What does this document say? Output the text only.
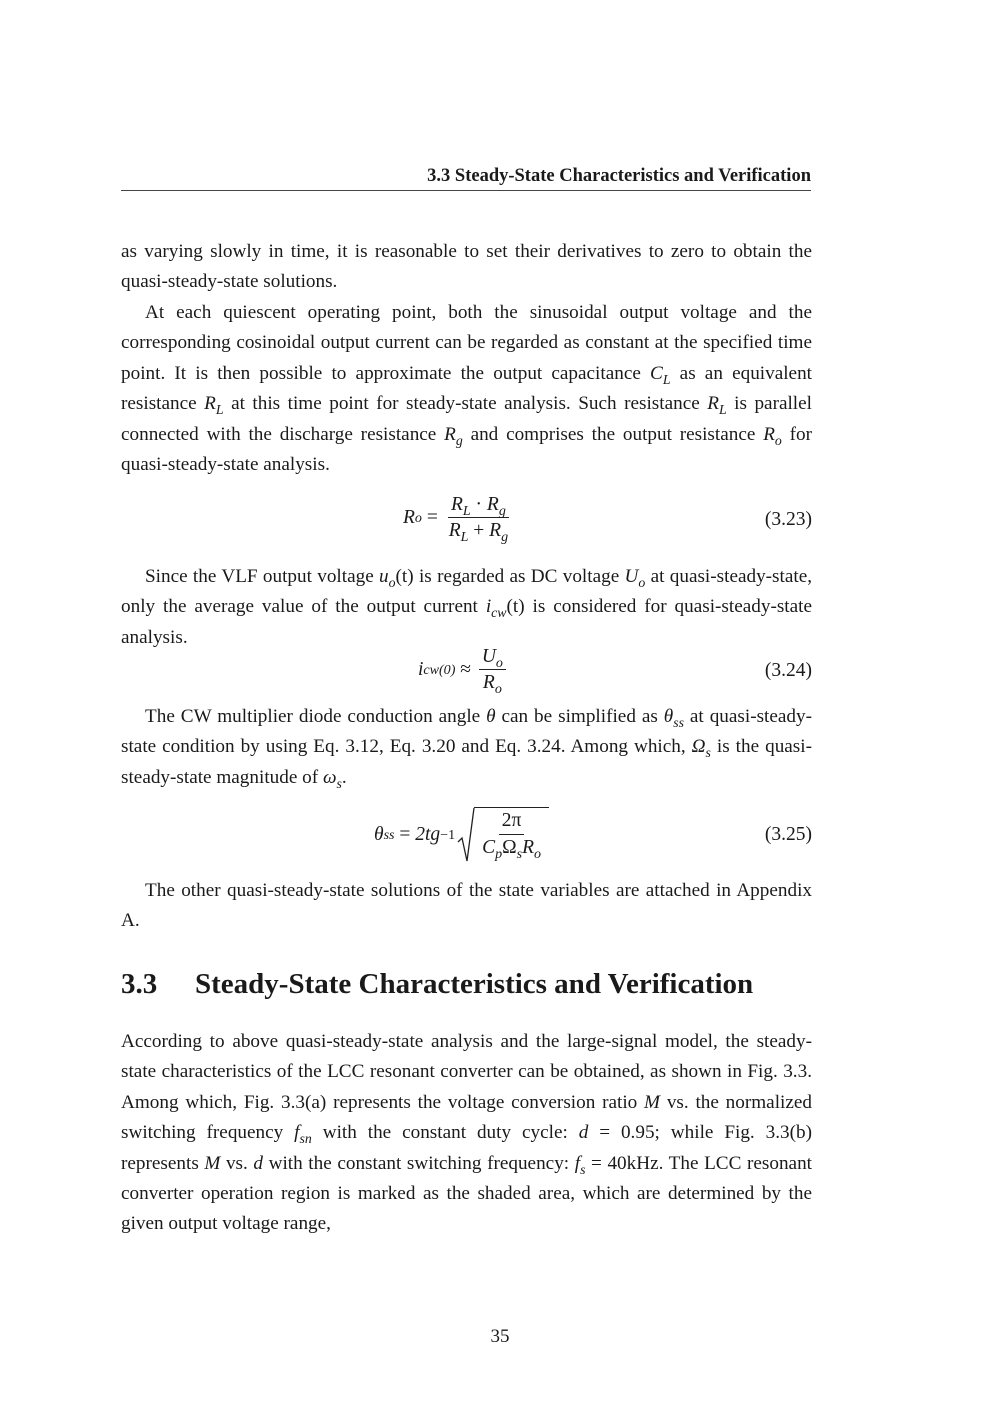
3.3 Steady-State Characteristics and Verification

as varying slowly in time, it is reasonable to set their derivatives to zero to obtain the quasi-steady-state solutions.

At each quiescent operating point, both the sinusoidal output voltage and the corresponding cosinoidal output current can be regarded as constant at the specified time point. It is then possible to approximate the output capacitance $C_L$ as an equivalent resistance $R_L$ at this time point for steady-state analysis. Such resistance $R_L$ is parallel connected with the discharge resistance $R_g$ and comprises the output resistance $R_o$ for quasi-steady-state analysis.

R $o = \frac{R_L \cdot R_g}{R_L + R_g}$	(3.23)

Since the VLF output voltage $u_o(t)$ is regarded as DC voltage $U_o$ at quasi-steady-state, only the average value of the output current $i_{cw}(t)$ is considered for quasi-steady-state analysis.

i cw(0)
≈
$\frac{U_o}{R_o}$	(3.24)

The CW multiplier diode conduction angle θ can be simplified as $\theta_{ss}$ at quasi-steady-state condition by using Eq. 3.12, Eq. 3.20 and Eq. 3.24. Among which, $\Omega_s$ is the quasi-steady-state magnitude of $\omega_s$.

θ ss = $2tg -1 \frac{2\pi}{C_p\Omega_sR_o}$	(3.25)

The other quasi-steady-state solutions of the state variables are attached in Appendix A.

3.3 Steady-State Characteristics and Verification

According to above quasi-steady-state analysis and the large-signal model, the steady-state characteristics of the LCC resonant converter can be obtained, as shown in Fig. 3.3. Among which, Fig. 3.3(a) represents the voltage conversion ratio M vs. the normalized switching frequency $f_{sn}$ with the constant duty cycle: d = 0.95; while Fig. 3.3(b) represents M vs. d with the constant switching frequency: $f_s = 40kHz$. The LCC resonant converter operation region is marked as the shaded area, which are determined by the given output voltage range,

35
